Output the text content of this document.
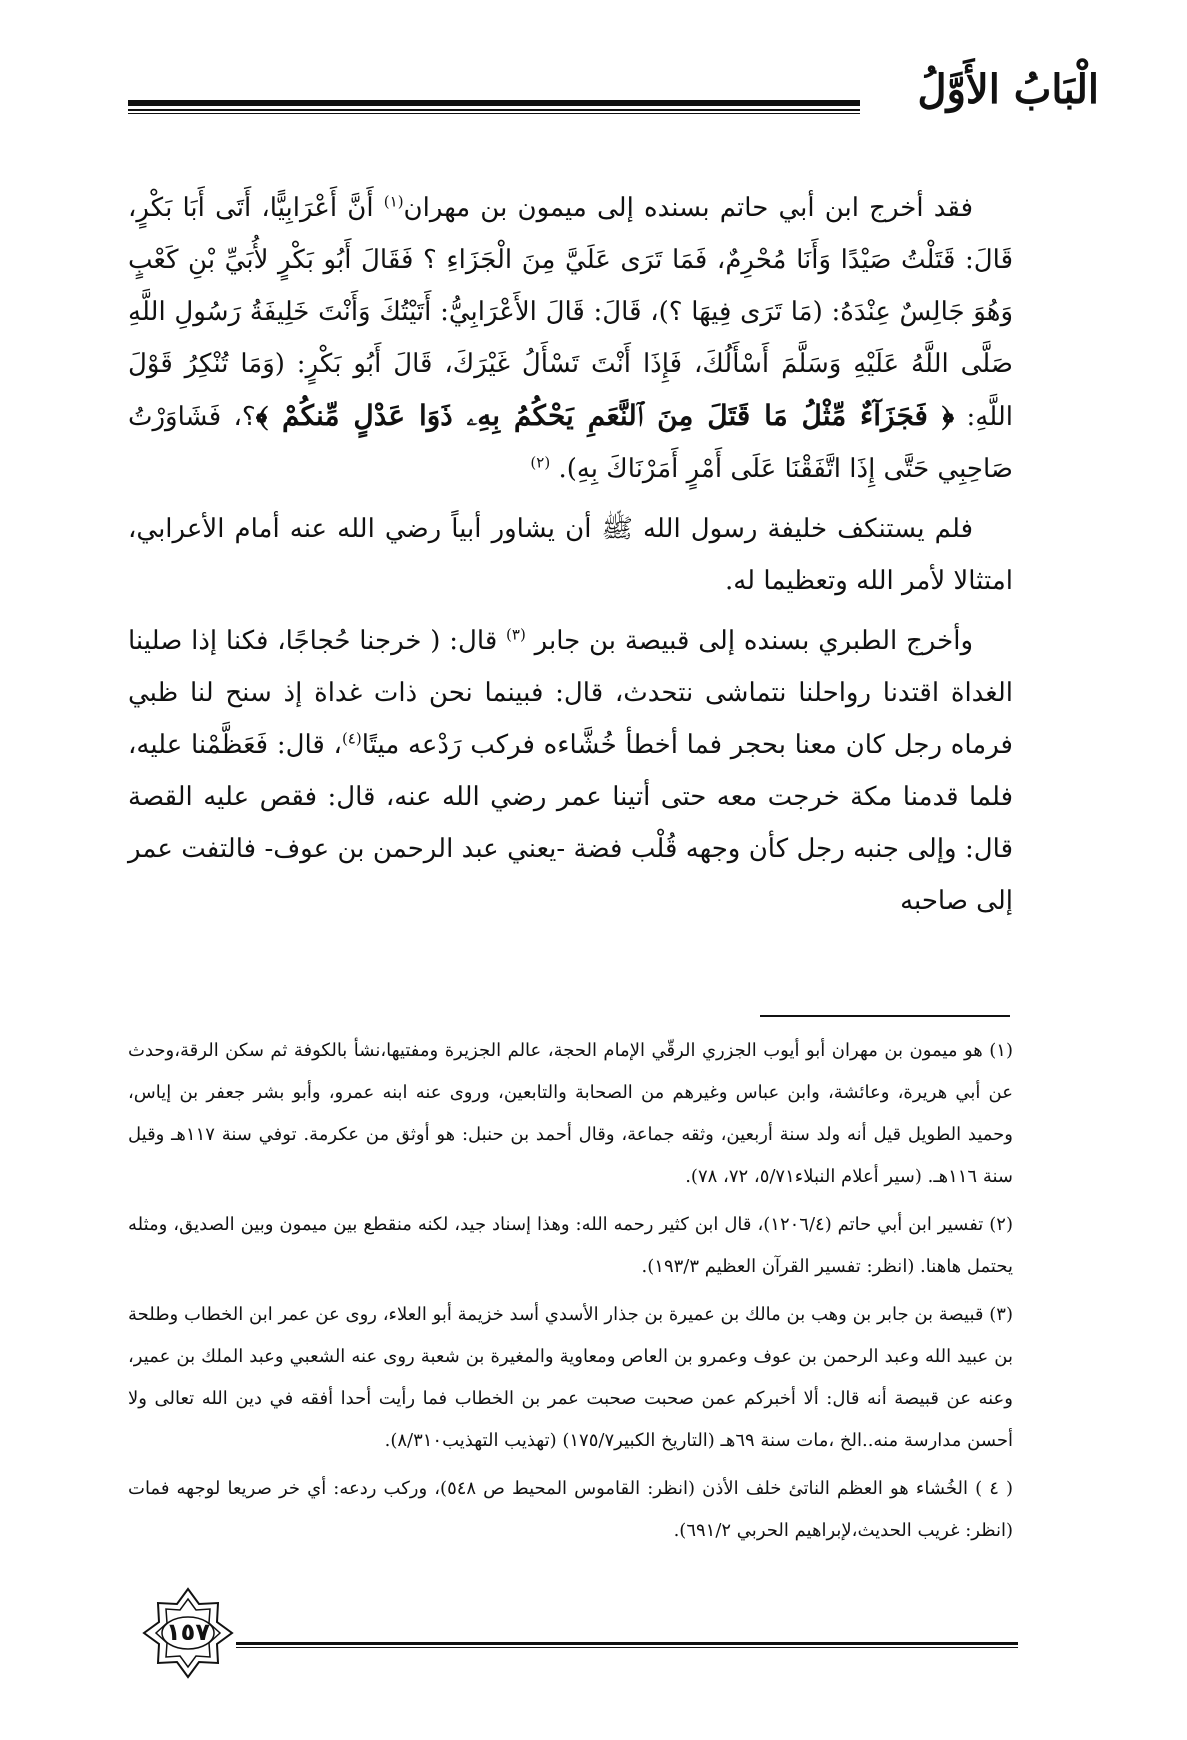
الْبَابُ الأَوَّلُ

فقد أخرج ابن أبي حاتم بسنده إلى ميمون بن مهران$^{(١)}$ أَنَّ أَعْرَابِيًّا، أَتَى أَبَا بَكْرٍ، قَالَ: قَتَلْتُ صَيْدًا وَأَنَا مُحْرِمٌ، فَمَا تَرَى عَلَيَّ مِنَ الْجَزَاءِ ؟ فَقَالَ أَبُو بَكْرٍ لأُبَيِّ بْنِ كَعْبٍ وَهُوَ جَالِسٌ عِنْدَهُ: (مَا تَرَى فِيهَا ؟)، قَالَ: قَالَ الأَعْرَابِيُّ: أَتَيْتُكَ وَأَنْتَ خَلِيفَةُ رَسُولِ اللَّهِ صَلَّى اللَّهُ عَلَيْهِ وَسَلَّمَ أَسْأَلُكَ، فَإِذَا أَنْتَ تَسْأَلُ غَيْرَكَ، قَالَ أَبُو بَكْرٍ: (وَمَا تُنْكِرُ قَوْلَ اللَّهِ: ﴿ فَجَزَآءٌ مِّثْلُ مَا قَتَلَ مِنَ ٱلنَّعَمِ يَحْكُمُ بِهِۦ ذَوَا عَدْلٍ مِّنكُمْ ﴾؟، فَشَاوَرْتُ صَاحِبِي حَتَّى إِذَا اتَّفَقْنَا عَلَى أَمْرٍ أَمَرْنَاكَ بِهِ). $^{(٢)}$

فلم يستنكف خليفة رسول الله ﷺ أن يشاور أبياً رضي الله عنه أمام الأعرابي، امتثالا لأمر الله وتعظيما له.

وأخرج الطبري بسنده إلى قبيصة بن جابر $^{(٣)}$ قال: ( خرجنا حُجاجًا، فكنا إذا صلينا الغداة اقتدنا رواحلنا نتماشى نتحدث، قال: فبينما نحن ذات غداة إذ سنح لنا ظبي فرماه رجل كان معنا بحجر فما أخطأ خُشَّاءه فركب رَدْعه ميتًا$^{(٤)}$، قال: فَعَظَّمْنا عليه، فلما قدمنا مكة خرجت معه حتى أتينا عمر رضي الله عنه، قال: فقص عليه القصة قال: وإلى جنبه رجل كأن وجهه قُلْب فضة -يعني عبد الرحمن بن عوف- فالتفت عمر إلى صاحبه

(١) هو ميمون بن مهران أبو أيوب الجزري الرقّي الإمام الحجة، عالم الجزيرة ومفتيها،نشأ بالكوفة ثم سكن الرقة،وحدث عن أبي هريرة، وعائشة، وابن عباس وغيرهم من الصحابة والتابعين، وروى عنه ابنه عمرو، وأبو بشر جعفر بن إياس، وحميد الطويل قيل أنه ولد سنة أربعين، وثقه جماعة، وقال أحمد بن حنبل: هو أوثق من عكرمة. توفي سنة ١١٧هـ وقيل سنة ١١٦هـ. (سير أعلام النبلاء٥/٧١، ٧٢، ٧٨).
(٢) تفسير ابن أبي حاتم (١٢٠٦/٤)، قال ابن كثير رحمه الله: وهذا إسناد جيد، لكنه منقطع بين ميمون وبين الصديق، ومثله يحتمل هاهنا. (انظر: تفسير القرآن العظيم ١٩٣/٣).
(٣) قبيصة بن جابر بن وهب بن مالك بن عميرة بن جذار الأسدي أسد خزيمة أبو العلاء، روى عن عمر ابن الخطاب وطلحة بن عبيد الله وعبد الرحمن بن عوف وعمرو بن العاص ومعاوية والمغيرة بن شعبة روى عنه الشعبي وعبد الملك بن عمير، وعنه عن قبيصة أنه قال: ألا أخبركم عمن صحبت صحبت عمر بن الخطاب فما رأيت أحدا أفقه في دين الله تعالى ولا أحسن مدارسة منه..الخ ،مات سنة ٦٩هـ (التاريخ الكبير١٧٥/٧) (تهذيب التهذيب٨/٣١٠).
( ٤ ) الخُشاء هو العظم الناتئ خلف الأذن (انظر: القاموس المحيط ص ٥٤٨)، وركب ردعه: أي خر صريعا لوجهه فمات (انظر: غريب الحديث،لإبراهيم الحربي ٦٩١/٢).
١٥٧
